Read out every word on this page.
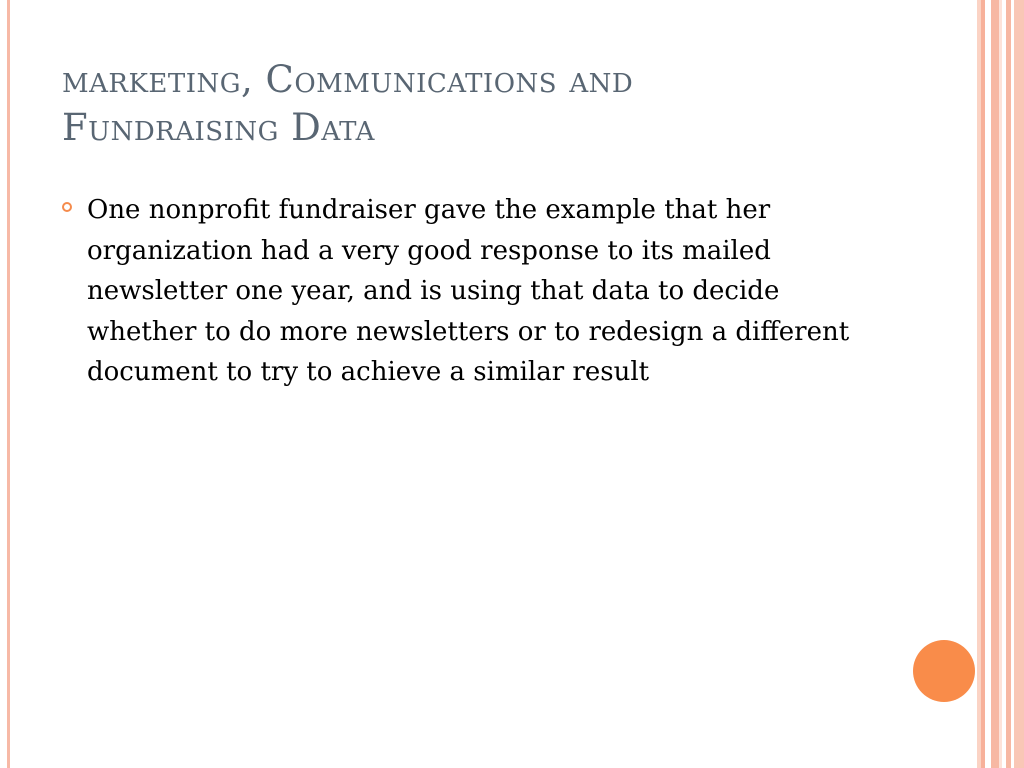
marketing, Communications and
Fundraising Data

One nonprofit fundraiser gave the example that her organization had a very good response to its mailed newsletter one year, and is using that data to decide whether to do more newsletters or to redesign a different document to try to achieve a similar result
